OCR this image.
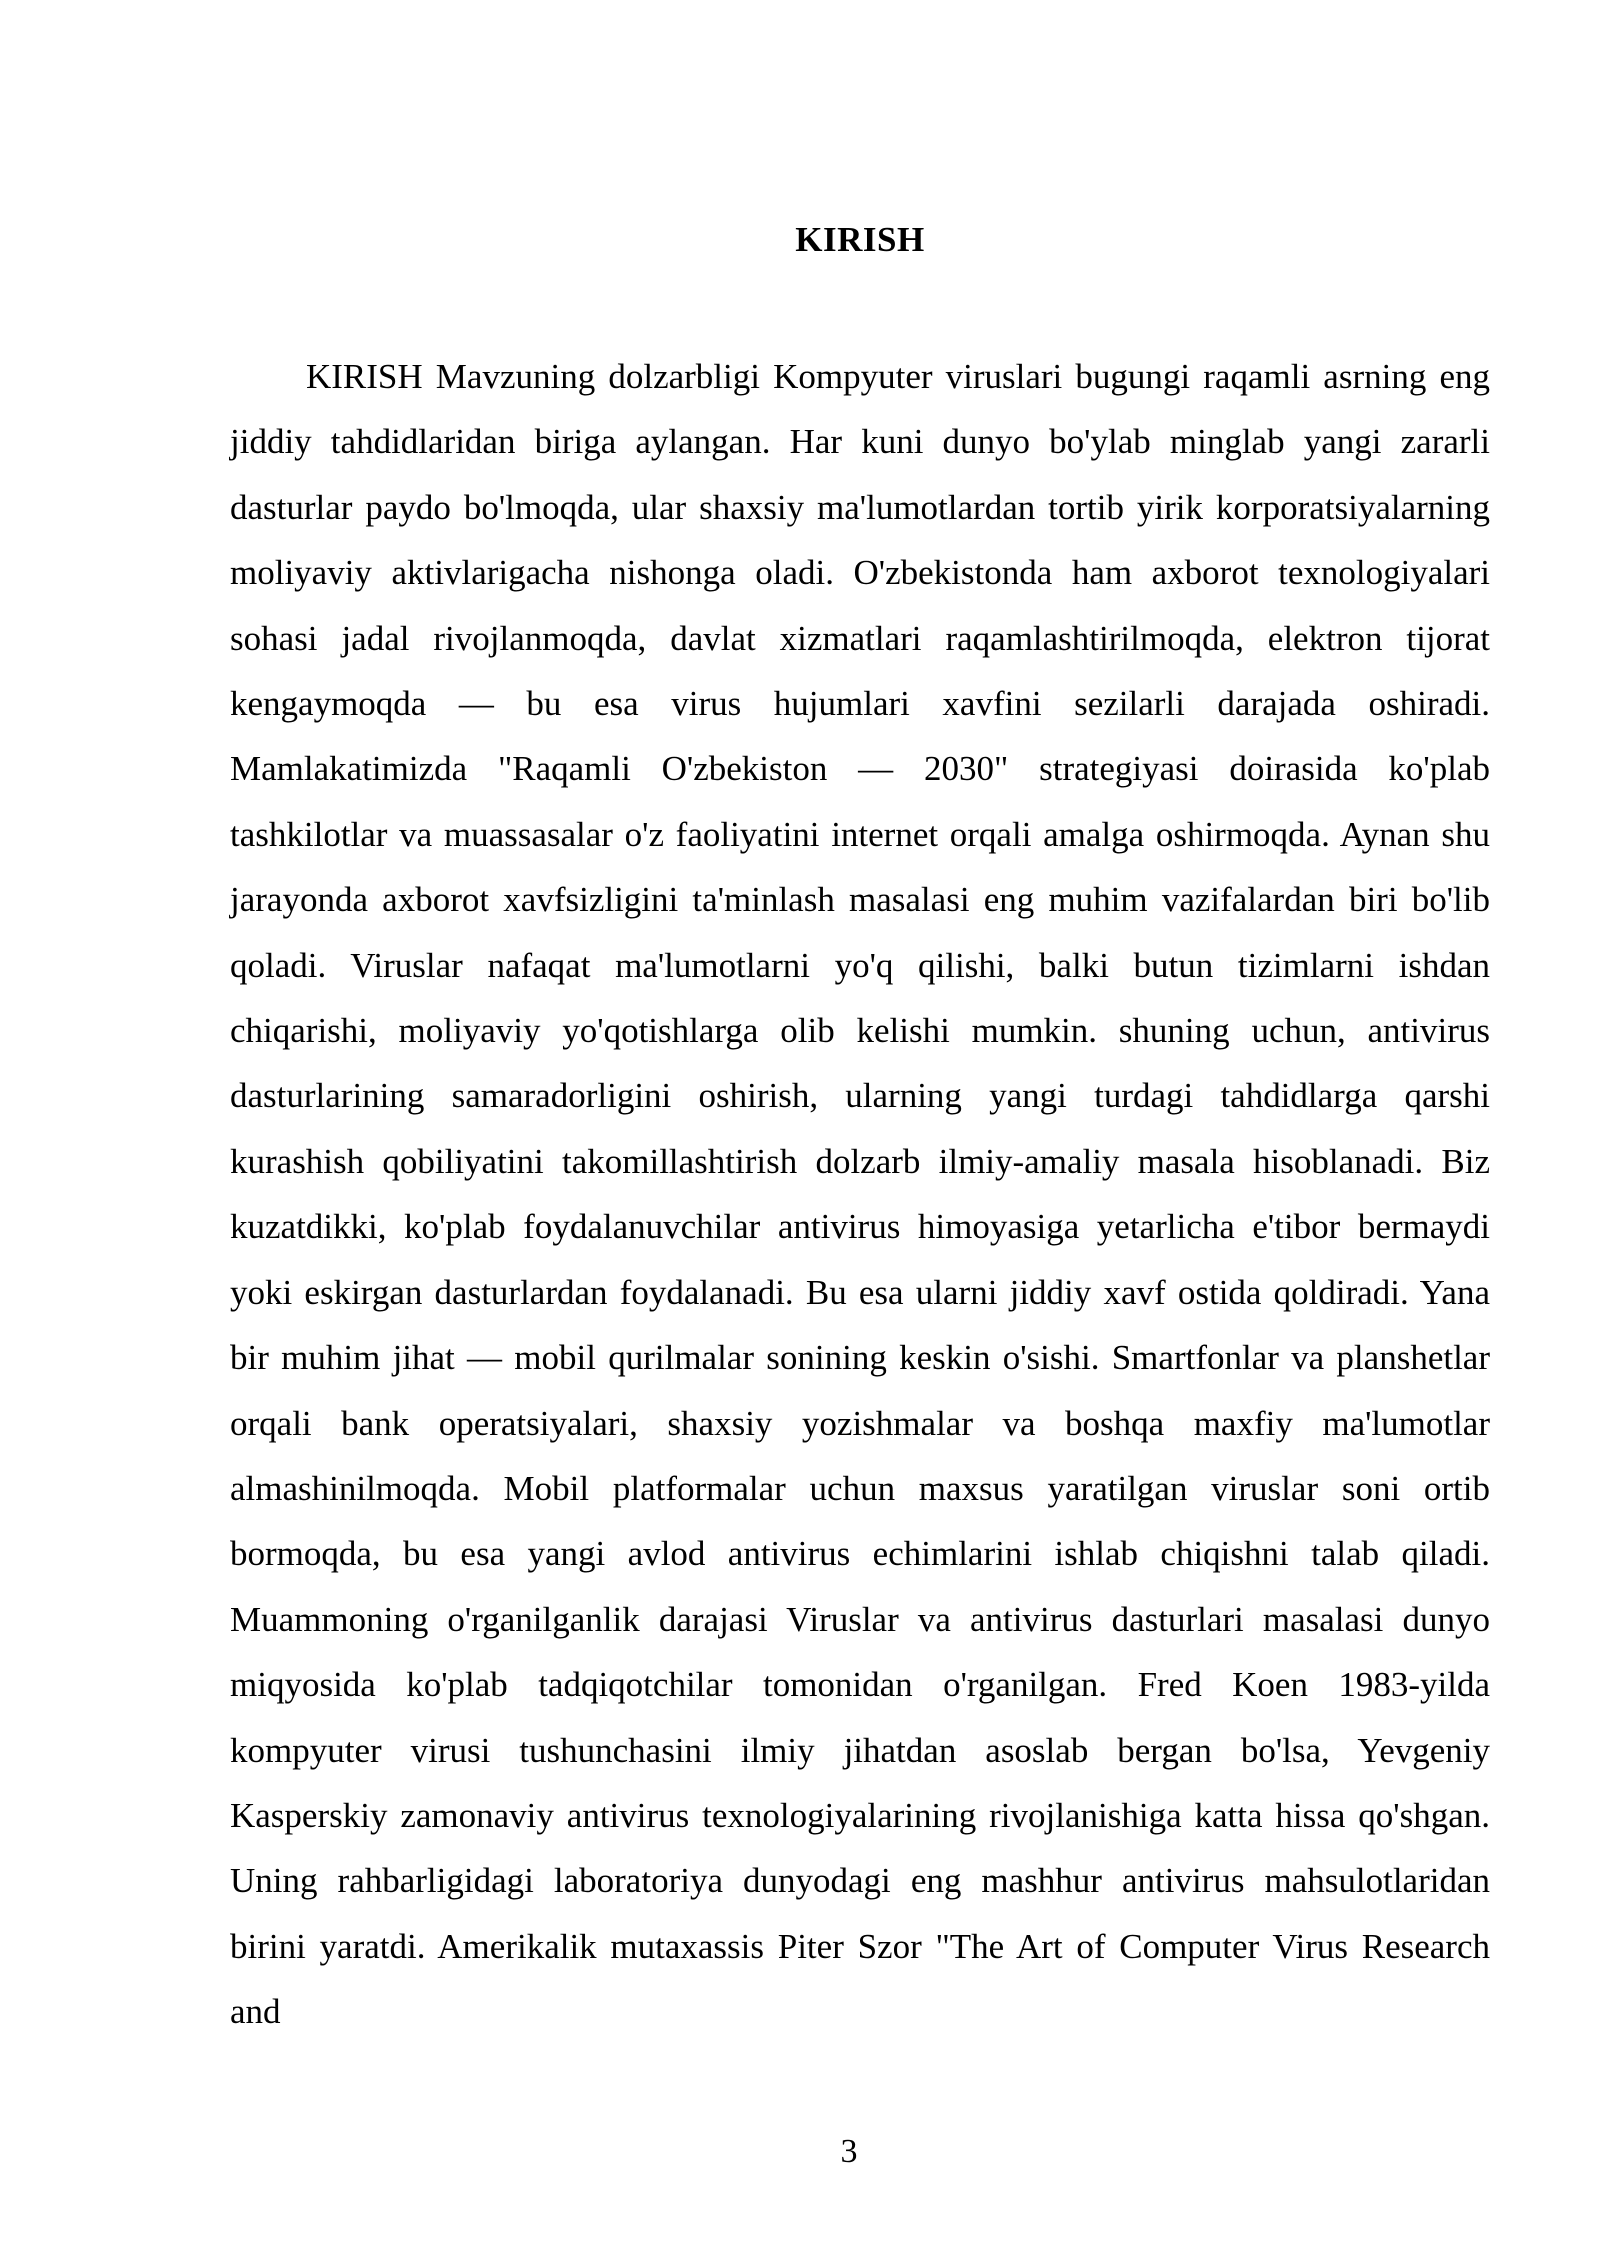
KIRISH

KIRISH Mavzuning dolzarbligi Kompyuter viruslari bugungi raqamli asrning eng jiddiy tahdidlaridan biriga aylangan. Har kuni dunyo bo'ylab minglab yangi zararli dasturlar paydo bo'lmoqda, ular shaxsiy ma'lumotlardan tortib yirik korporatsiyalarning moliyaviy aktivlarigacha nishonga oladi. O'zbekistonda ham axborot texnologiyalari sohasi jadal rivojlanmoqda, davlat xizmatlari raqamlashtirilmoqda, elektron tijorat kengaymoqda — bu esa virus hujumlari xavfini sezilarli darajada oshiradi. Mamlakatimizda "Raqamli O'zbekiston — 2030" strategiyasi doirasida ko'plab tashkilotlar va muassasalar o'z faoliyatini internet orqali amalga oshirmoqda. Aynan shu jarayonda axborot xavfsizligini ta'minlash masalasi eng muhim vazifalardan biri bo'lib qoladi. Viruslar nafaqat ma'lumotlarni yo'q qilishi, balki butun tizimlarni ishdan chiqarishi, moliyaviy yo'qotishlarga olib kelishi mumkin. shuning uchun, antivirus dasturlarining samaradorligini oshirish, ularning yangi turdagi tahdidlarga qarshi kurashish qobiliyatini takomillashtirish dolzarb ilmiy-amaliy masala hisoblanadi. Biz kuzatdikki, ko'plab foydalanuvchilar antivirus himoyasiga yetarlicha e'tibor bermaydi yoki eskirgan dasturlardan foydalanadi. Bu esa ularni jiddiy xavf ostida qoldiradi. Yana bir muhim jihat — mobil qurilmalar sonining keskin o'sishi. Smartfonlar va planshetlar orqali bank operatsiyalari, shaxsiy yozishmalar va boshqa maxfiy ma'lumotlar almashinilmoqda. Mobil platformalar uchun maxsus yaratilgan viruslar soni ortib bormoqda, bu esa yangi avlod antivirus echimlarini ishlab chiqishni talab qiladi. Muammoning o'rganilganlik darajasi Viruslar va antivirus dasturlari masalasi dunyo miqyosida ko'plab tadqiqotchilar tomonidan o'rganilgan. Fred Koen 1983-yilda kompyuter virusi tushunchasini ilmiy jihatdan asoslab bergan bo'lsa, Yevgeniy Kasperskiy zamonaviy antivirus texnologiyalarining rivojlanishiga katta hissa qo'shgan. Uning rahbarligidagi laboratoriya dunyodagi eng mashhur antivirus mahsulotlaridan birini yaratdi. Amerikalik mutaxassis Piter Szor "The Art of Computer Virus Research and

3
